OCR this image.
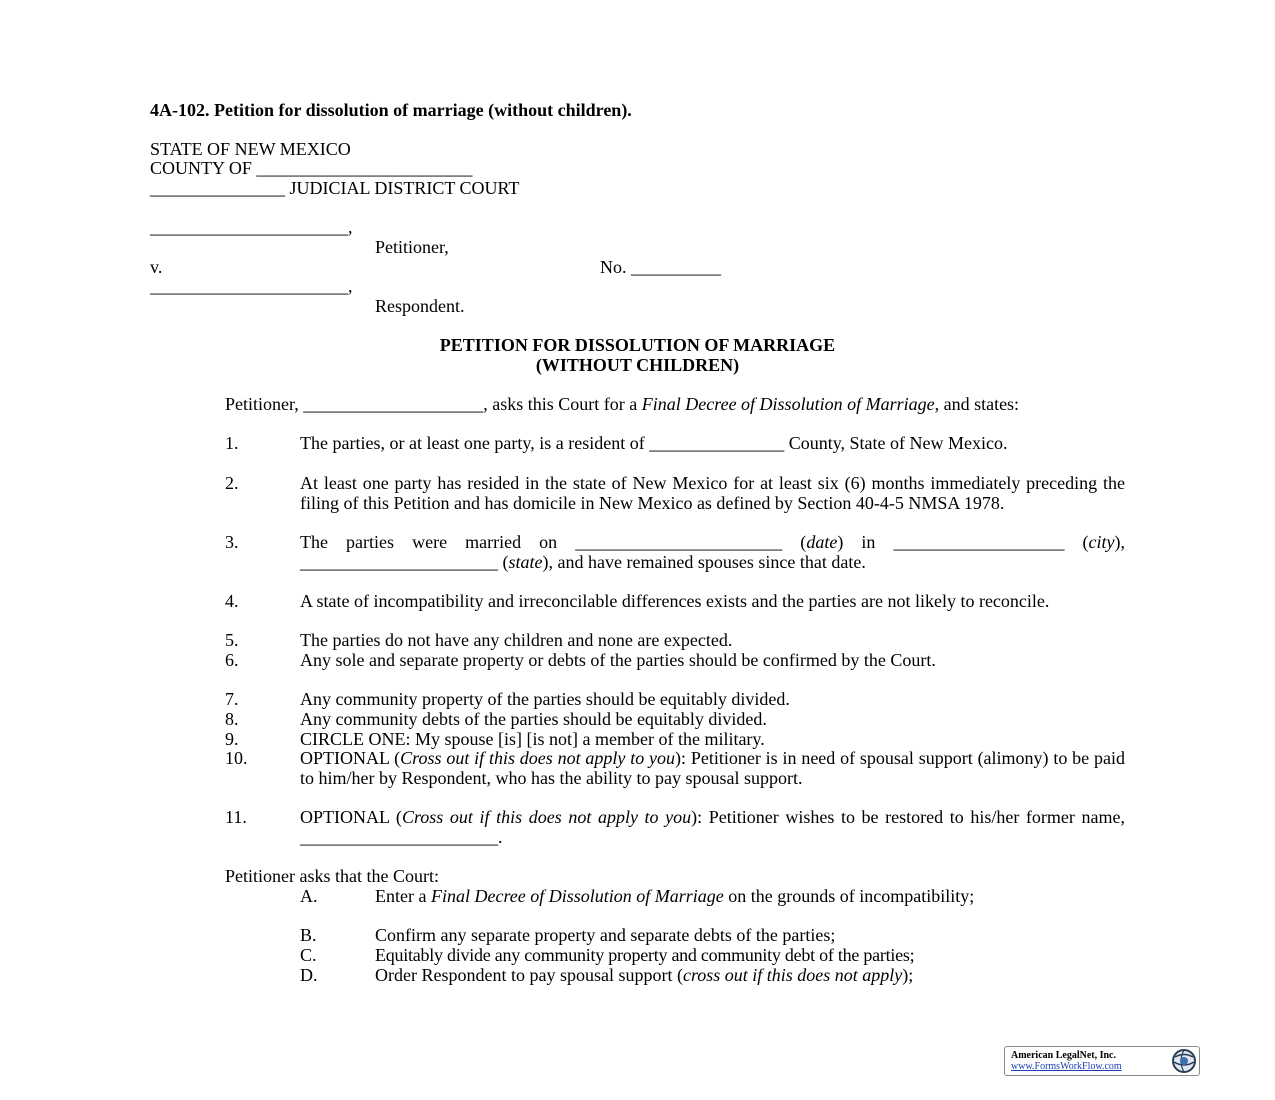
4A-102. Petition for dissolution of marriage (without children).
STATE OF NEW MEXICO
COUNTY OF ________________________
_______________ JUDICIAL DISTRICT COURT
______________________,
Petitioner,
v.	No. __________
______________________,
Respondent.
PETITION FOR DISSOLUTION OF MARRIAGE
(WITHOUT CHILDREN)
Petitioner, ____________________, asks this Court for a Final Decree of Dissolution of Marriage, and states:
1.	The parties, or at least one party, is a resident of _______________ County, State of New Mexico.
2.	At least one party has resided in the state of New Mexico for at least six (6) months immediately preceding the filing of this Petition and has domicile in New Mexico as defined by Section 40-4-5 NMSA 1978.
3.	The parties were married on _______________________ (date) in ___________________ (city), ______________________ (state), and have remained spouses since that date.
4.	A state of incompatibility and irreconcilable differences exists and the parties are not likely to reconcile.
5.	The parties do not have any children and none are expected.
6.	Any sole and separate property or debts of the parties should be confirmed by the Court.
7.	Any community property of the parties should be equitably divided.
8.	Any community debts of the parties should be equitably divided.
9.	CIRCLE ONE: My spouse [is] [is not] a member of the military.
10.	OPTIONAL (Cross out if this does not apply to you): Petitioner is in need of spousal support (alimony) to be paid to him/her by Respondent, who has the ability to pay spousal support.
11.	OPTIONAL (Cross out if this does not apply to you): Petitioner wishes to be restored to his/her former name, ______________________.
Petitioner asks that the Court:
A.	Enter a Final Decree of Dissolution of Marriage on the grounds of incompatibility;
B.	Confirm any separate property and separate debts of the parties;
C.	Equitably divide any community property and community debt of the parties;
D.	Order Respondent to pay spousal support (cross out if this does not apply);
American LegalNet, Inc.
www.FormsWorkFlow.com
